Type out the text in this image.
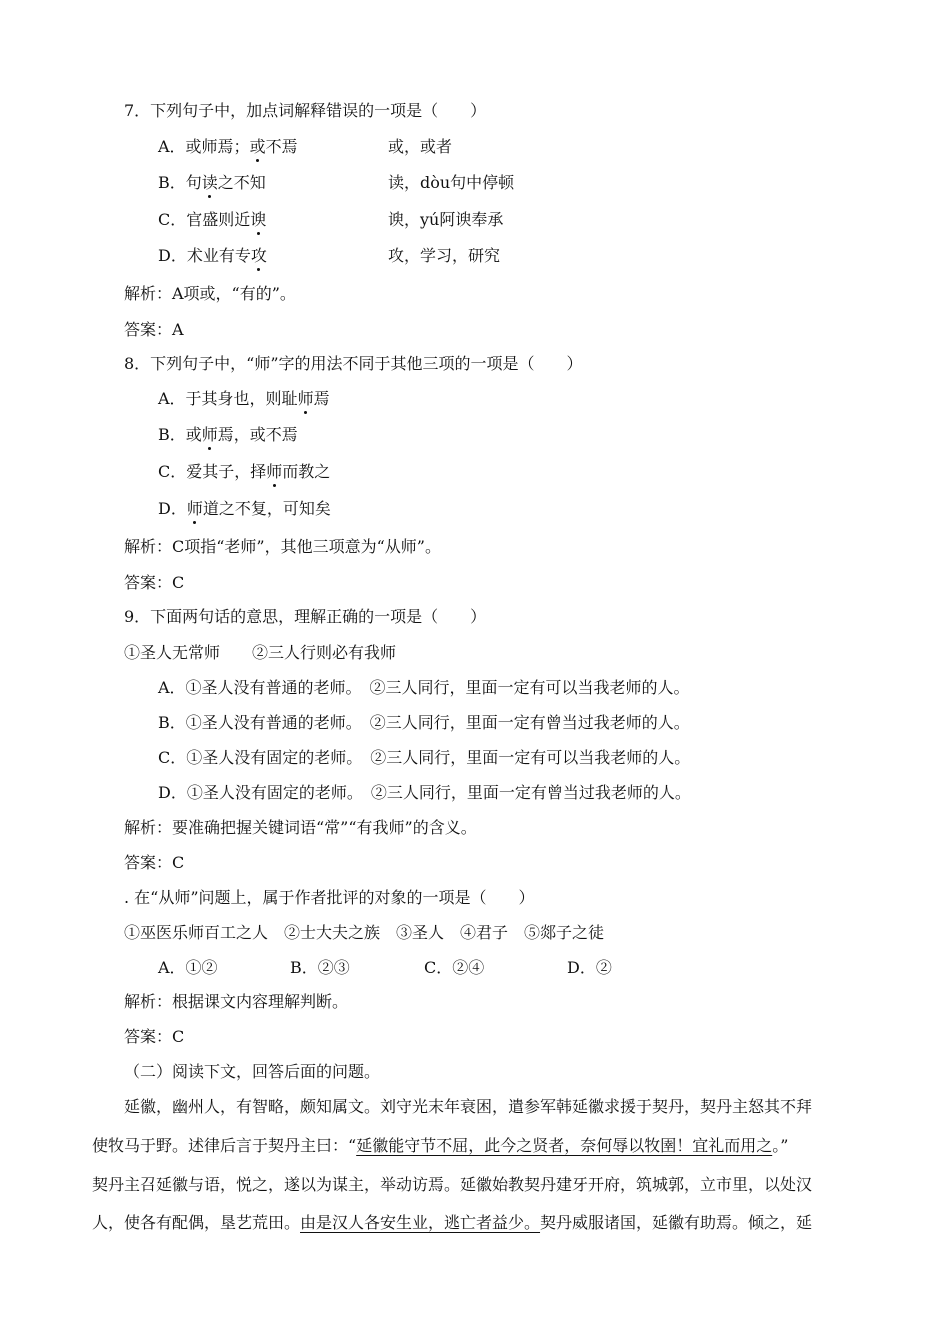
7．下列句子中，加点词解释错误的一项是（　　）
A．或师焉；或不焉	或，或者
B．句读之不知	读，dòu句中停顿
C．官盛则近谀	谀，yú阿谀奉承
D．术业有专攻	攻，学习，研究
解析：A项或，“有的”。
答案：A
8．下列句子中，“师”字的用法不同于其他三项的一项是（　　）
A．于其身也，则耻师焉
B．或师焉，或不焉
C．爱其子，择师而教之
D．师道之不复，可知矣
解析：C项指“老师”，其他三项意为“从师”。
答案：C
9．下面两句话的意思，理解正确的一项是（　　）
①圣人无常师　　②三人行则必有我师
A．①圣人没有普通的老师。　②三人同行，里面一定有可以当我老师的人。
B．①圣人没有普通的老师。　②三人同行，里面一定有曾当过我老师的人。
C．①圣人没有固定的老师。　②三人同行，里面一定有可以当我老师的人。
D．①圣人没有固定的老师。　②三人同行，里面一定有曾当过我老师的人。
解析：要准确把握关键词语“常”“有我师”的含义。
答案：C
. 在“从师”问题上，属于作者批评的对象的一项是（　　）
①巫医乐师百工之人　②士大夫之族　③圣人　④君子　⑤郯子之徒
A．①②	B．②③	C．②④	D．②
解析：根据课文内容理解判断。
答案：C
（二）阅读下文，回答后面的问题。
延徽，幽州人，有智略，颇知属文。刘守光末年衰困，遣参军韩延徽求援于契丹，契丹主怒其不拜
使牧马于野。述律后言于契丹主曰：“延徽能守节不屈，此今之贤者，奈何辱以牧圉！宜礼而用之。”
契丹主召延徽与语，悦之，遂以为谋主，举动访焉。延徽始教契丹建牙开府，筑城郭，立市里，以处汉
人，使各有配偶，垦艺荒田。由是汉人各安生业，逃亡者益少。契丹威服诸国，延徽有助焉。倾之，延
